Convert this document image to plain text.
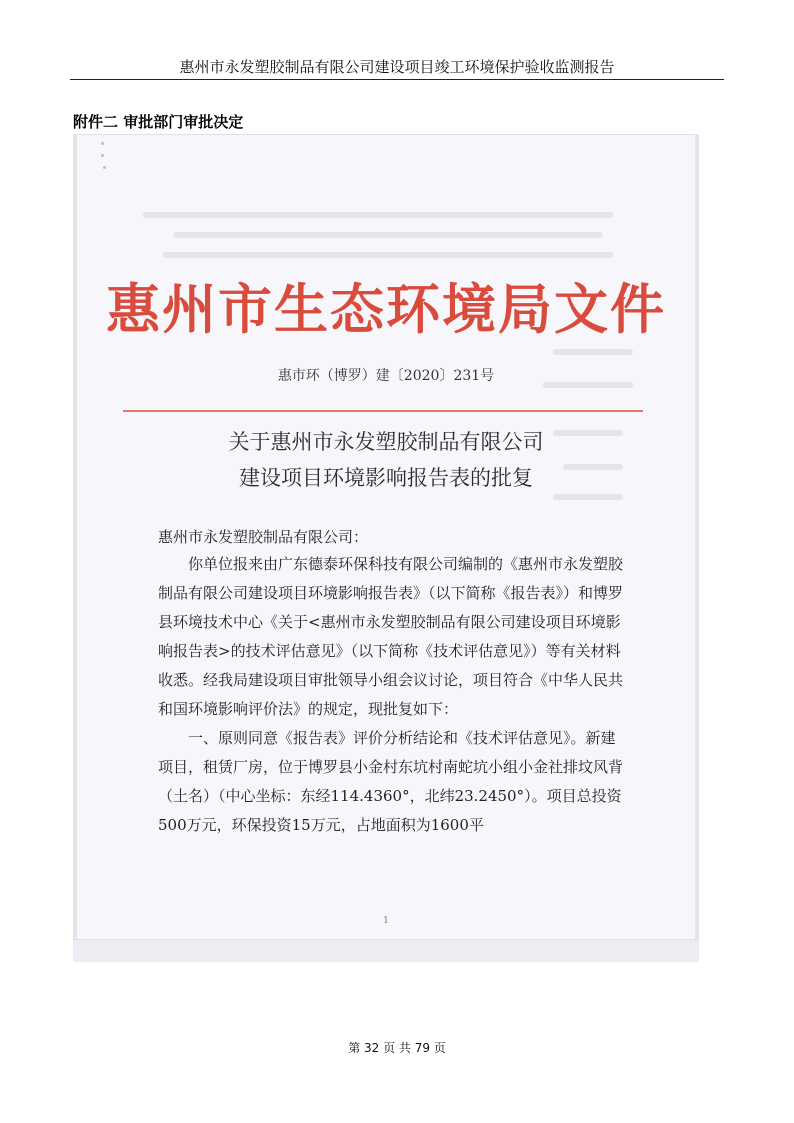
惠州市永发塑胶制品有限公司建设项目竣工环境保护验收监测报告
附件二 审批部门审批决定
惠州市生态环境局文件
惠市环（博罗）建〔2020〕231号
关于惠州市永发塑胶制品有限公司
建设项目环境影响报告表的批复
惠州市永发塑胶制品有限公司：

你单位报来由广东德泰环保科技有限公司编制的《惠州市永发塑胶制品有限公司建设项目环境影响报告表》（以下简称《报告表》）和博罗县环境技术中心《关于<惠州市永发塑胶制品有限公司建设项目环境影响报告表>的技术评估意见》（以下简称《技术评估意见》）等有关材料收悉。经我局建设项目审批领导小组会议讨论，项目符合《中华人民共和国环境影响评价法》的规定，现批复如下：

一、原则同意《报告表》评价分析结论和《技术评估意见》。新建项目，租赁厂房，位于博罗县小金村东坑村南蛇坑小组小金社排坟风背（土名）（中心坐标：东经114.4360°，北纬23.2450°）。项目总投资500万元，环保投资15万元，占地面积为1600平

1
第 32 页 共 79 页
